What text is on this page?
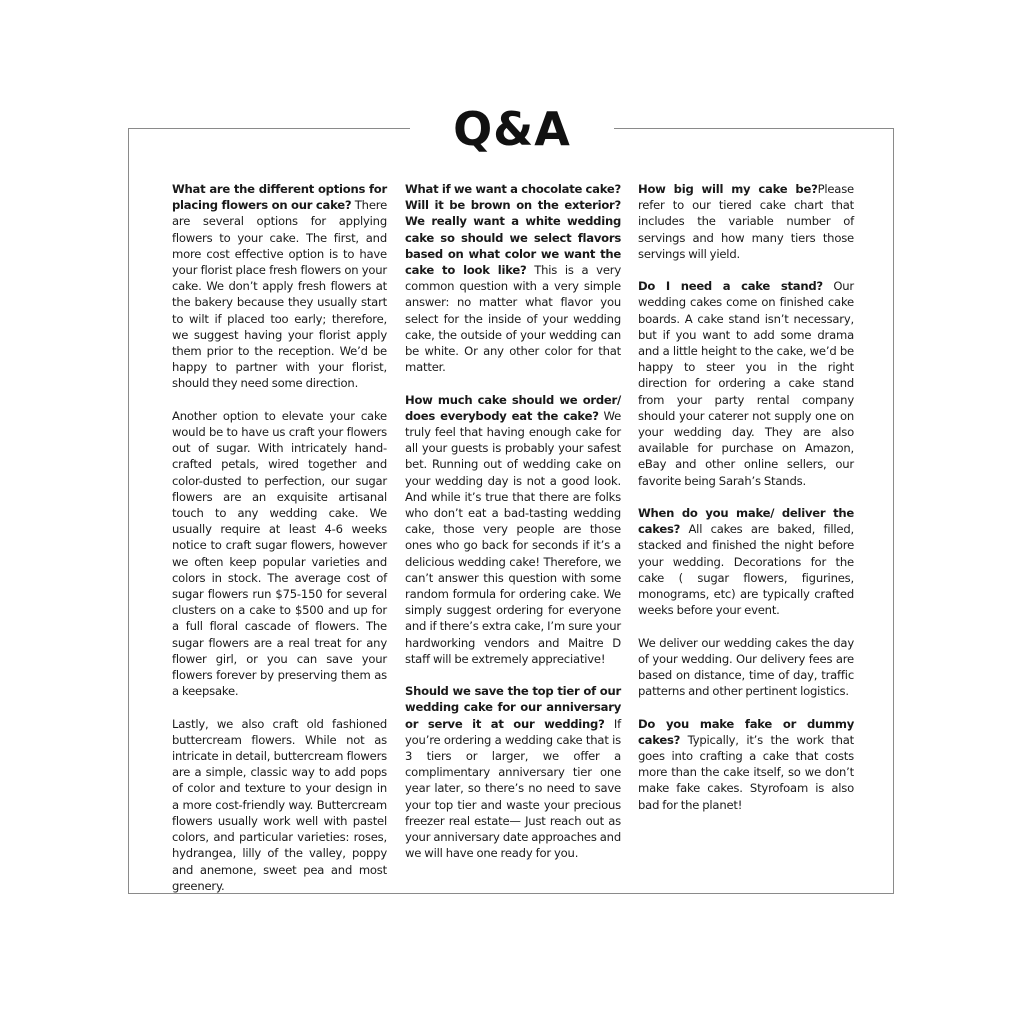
Q&A

What are the different options for placing flowers on our cake? There are several options for applying flowers to your cake. The first, and more cost effective option is to have your florist place fresh flowers on your cake. We don’t apply fresh flowers at the bakery because they usually start to wilt if placed too early; therefore, we suggest having your florist apply them prior to the reception. We’d be happy to partner with your florist, should they need some direction.

Another option to elevate your cake would be to have us craft your flowers out of sugar. With intricately hand-crafted petals, wired together and color-dusted to perfection, our sugar flowers are an exquisite artisanal touch to any wedding cake. We usually require at least 4-6 weeks notice to craft sugar flowers, however we often keep popular varieties and colors in stock. The average cost of sugar flowers run $75-150 for several clusters on a cake to $500 and up for a full floral cascade of flowers. The sugar flowers are a real treat for any flower girl, or you can save your flowers forever by preserving them as a keepsake.

Lastly, we also craft old fashioned buttercream flowers. While not as intricate in detail, buttercream flowers are a simple, classic way to add pops of color and texture to your design in a more cost-friendly way. Buttercream flowers usually work well with pastel colors, and particular varieties: roses, hydrangea, lilly of the valley, poppy and anemone, sweet pea and most greenery.

What if we want a chocolate cake? Will it be brown on the exterior? We really want a white wedding cake so should we select flavors based on what color we want the cake to look like? This is a very common question with a very simple answer: no matter what flavor you select for the inside of your wedding cake, the outside of your wedding can be white. Or any other color for that matter.

How much cake should we order/ does everybody eat the cake? We truly feel that having enough cake for all your guests is probably your safest bet. Running out of wedding cake on your wedding day is not a good look. And while it’s true that there are folks who don’t eat a bad-tasting wedding cake, those very people are those ones who go back for seconds if it’s a delicious wedding cake! Therefore, we can’t answer this question with some random formula for ordering cake. We simply suggest ordering for everyone and if there’s extra cake, I’m sure your hardworking vendors and Maitre D staff will be extremely appreciative!

Should we save the top tier of our wedding cake for our anniversary or serve it at our wedding? If you’re ordering a wedding cake that is 3 tiers or larger, we offer a complimentary anniversary tier one year later, so there’s no need to save your top tier and waste your precious freezer real estate— Just reach out as your anniversary date approaches and we will have one ready for you.

How big will my cake be?Please refer to our tiered cake chart that includes the variable number of servings and how many tiers those servings will yield.

Do I need a cake stand? Our wedding cakes come on finished cake boards. A cake stand isn’t necessary, but if you want to add some drama and a little height to the cake, we’d be happy to steer you in the right direction for ordering a cake stand from your party rental company should your caterer not supply one on your wedding day. They are also available for purchase on Amazon, eBay and other online sellers, our favorite being Sarah’s Stands.

When do you make/ deliver the cakes? All cakes are baked, filled, stacked and finished the night before your wedding. Decorations for the cake ( sugar flowers, figurines, monograms, etc) are typically crafted weeks before your event.

We deliver our wedding cakes the day of your wedding. Our delivery fees are based on distance, time of day, traffic patterns and other pertinent logistics.

Do you make fake or dummy cakes? Typically, it’s the work that goes into crafting a cake that costs more than the cake itself, so we don’t make fake cakes. Styrofoam is also bad for the planet!
